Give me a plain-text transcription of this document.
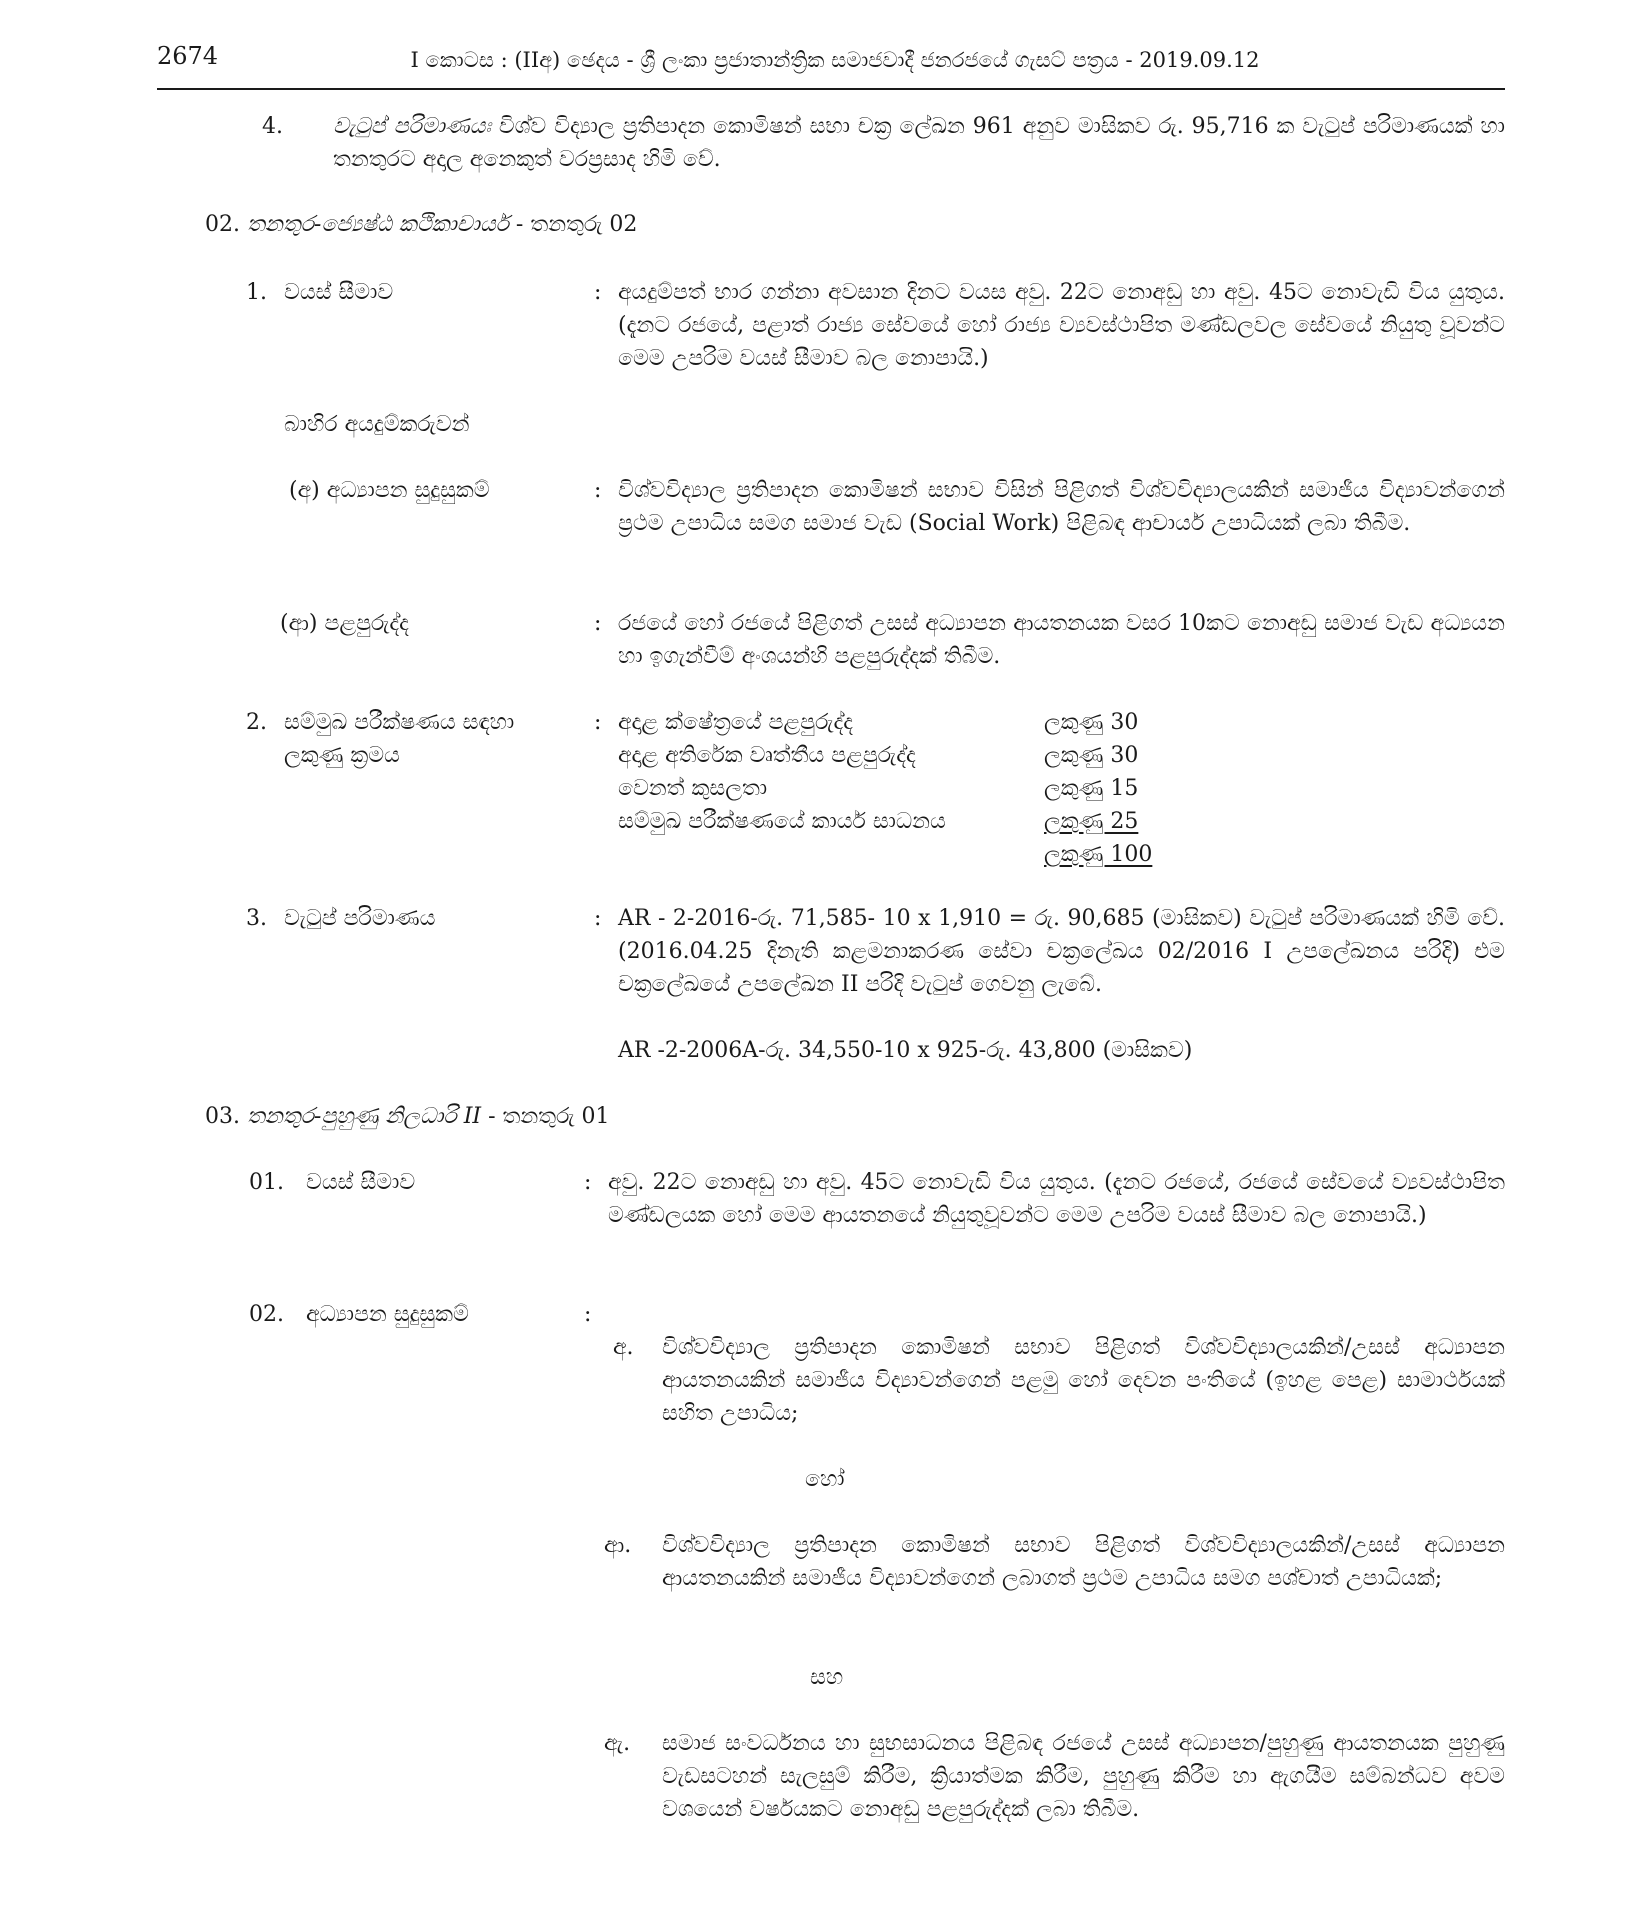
2674	I කොටස : (IIඅ) ඡෙදය - ශ්‍රී ලංකා ප්‍රජාතාන්ත්‍රික සමාජවාදී ජනරජයේ ගැසට් පත්‍රය - 2019.09.12
4. වැටුප් පරිමාණයඃ විශ්ව විද්‍යාල ප්‍රතිපාදන කොමිෂන් සභා චක්‍ර ලේඛන 961 අනුව මාසිකව රු. 95,716 ක වැටුප් පරිමාණයක් හා තනතුරට අදාල අනෙකුත් වරප්‍රසාද හිමි වේ.
02. තනතුර-ජ්‍යෙෂ්ඨ කථිකාචාර්ය - තනතුරු 02
1. වයස් සීමාව	: අයදුම්පත් භාර ගන්නා අවසාන දිනට වයස අවු. 22ට නොඅඩු හා අවු. 45ට නොවැඩි විය යුතුය. (දැනට රජයේ, පළාත් රාජ්‍ය සේවයේ හෝ රාජ්‍ය ව්‍යවස්ථාපිත මණ්ඩලවල සේවයේ නියුතු වූවන්ට මෙම උපරිම වයස් සීමාව බල නොපායි.)
බාහිර අයදුම්කරුවන්
(අ) අධ්‍යාපන සුදුසුකම්	: විශ්වවිද්‍යාල ප්‍රතිපාදන කොමිෂන් සභාව විසින් පිළිගත් විශ්වවිද්‍යාලයකින් සමාජීය විද්‍යාවන්ගෙන් ප්‍රථම උපාධිය සමග සමාජ වැඩ (Social Work) පිළිබඳ ආචාර්ය උපාධියක් ලබා තිබීම.
(ආ) පළපුරුද්ද	: රජයේ හෝ රජයේ පිළිගත් උසස් අධ්‍යාපන ආයතනයක වසර 10කට නොඅඩු සමාජ වැඩ අධ්‍යයන හා ඉගැන්වීම් අංශයන්හි පළපුරුද්දක් තිබීම.
2. සම්මුඛ පරීක්ෂණය සඳහා
ලකුණු ක්‍රමය
: අදාළ ක්ෂේත්‍රයේ පළපුරුද්ද	ලකුණු 30
අදාළ අතිරේක වෘත්තීය පළපුරුද්ද	ලකුණු 30
වෙනත් කුසලතා	ලකුණු 15
සම්මුඛ පරීක්ෂණයේ කාර්ය සාධනය	ලකුණු 25
ලකුණු 100
3. වැටුප් පරිමාණය	: AR - 2-2016-රු. 71,585- 10 x 1,910 = රු. 90,685 (මාසිකව) වැටුප් පරිමාණයක් හිමි වේ. (2016.04.25 දිනැති කළමනාකරණ සේවා චක්‍රලේඛය 02/2016 I උපලේඛනය පරිදි) එම චක්‍රලේඛයේ උපලේඛන II පරිදි වැටුප් ගෙවනු ලැබේ.
AR -2-2006A-රු. 34,550-10 x 925-රු. 43,800 (මාසිකව)
03. තනතුර-පුහුණු නිලධාරි II - තනතුරු 01
01. වයස් සීමාව	: අවු. 22ට නොඅඩු හා අවු. 45ට නොවැඩි විය යුතුය. (දැනට රජයේ, රජයේ සේවයේ ව්‍යවස්ථාපිත මණ්ඩලයක හෝ මෙම ආයතනයේ නියුතුවූවන්ට මෙම උපරිම වයස් සීමාව බල නොපායි.)
02. අධ්‍යාපන සුදුසුකම්	:
අ. විශ්වවිද්‍යාල ප්‍රතිපාදන කොමිෂන් සභාව පිළිගත් විශ්වවිද්‍යාලයකින්/උසස් අධ්‍යාපන ආයතනයකින් සමාජීය විද්‍යාවන්ගෙන් පළමු හෝ දෙවන පංතියේ (ඉහළ පෙළ) සාමාර්ථයක් සහිත උපාධිය;
හෝ
ආ. විශ්වවිද්‍යාල ප්‍රතිපාදන කොමිෂන් සභාව පිළිගත් විශ්වවිද්‍යාලයකින්/උසස් අධ්‍යාපන ආයතනයකින් සමාජීය විද්‍යාවන්ගෙන් ලබාගත් ප්‍රථම උපාධිය සමග පශ්චාත් උපාධියක්;
සහ
ඇ. සමාජ සංවර්ධනය හා සුභසාධනය පිළිබඳ රජයේ උසස් අධ්‍යාපන/පුහුණු ආයතනයක පුහුණු වැඩසටහන් සැලසුම් කිරීම, ක්‍රියාත්මක කිරීම, පුහුණු කිරීම හා ඇගයීම සම්බන්ධව අවම වශයෙන් වර්ෂයකට නොඅඩු පළපුරුද්දක් ලබා තිබීම.
